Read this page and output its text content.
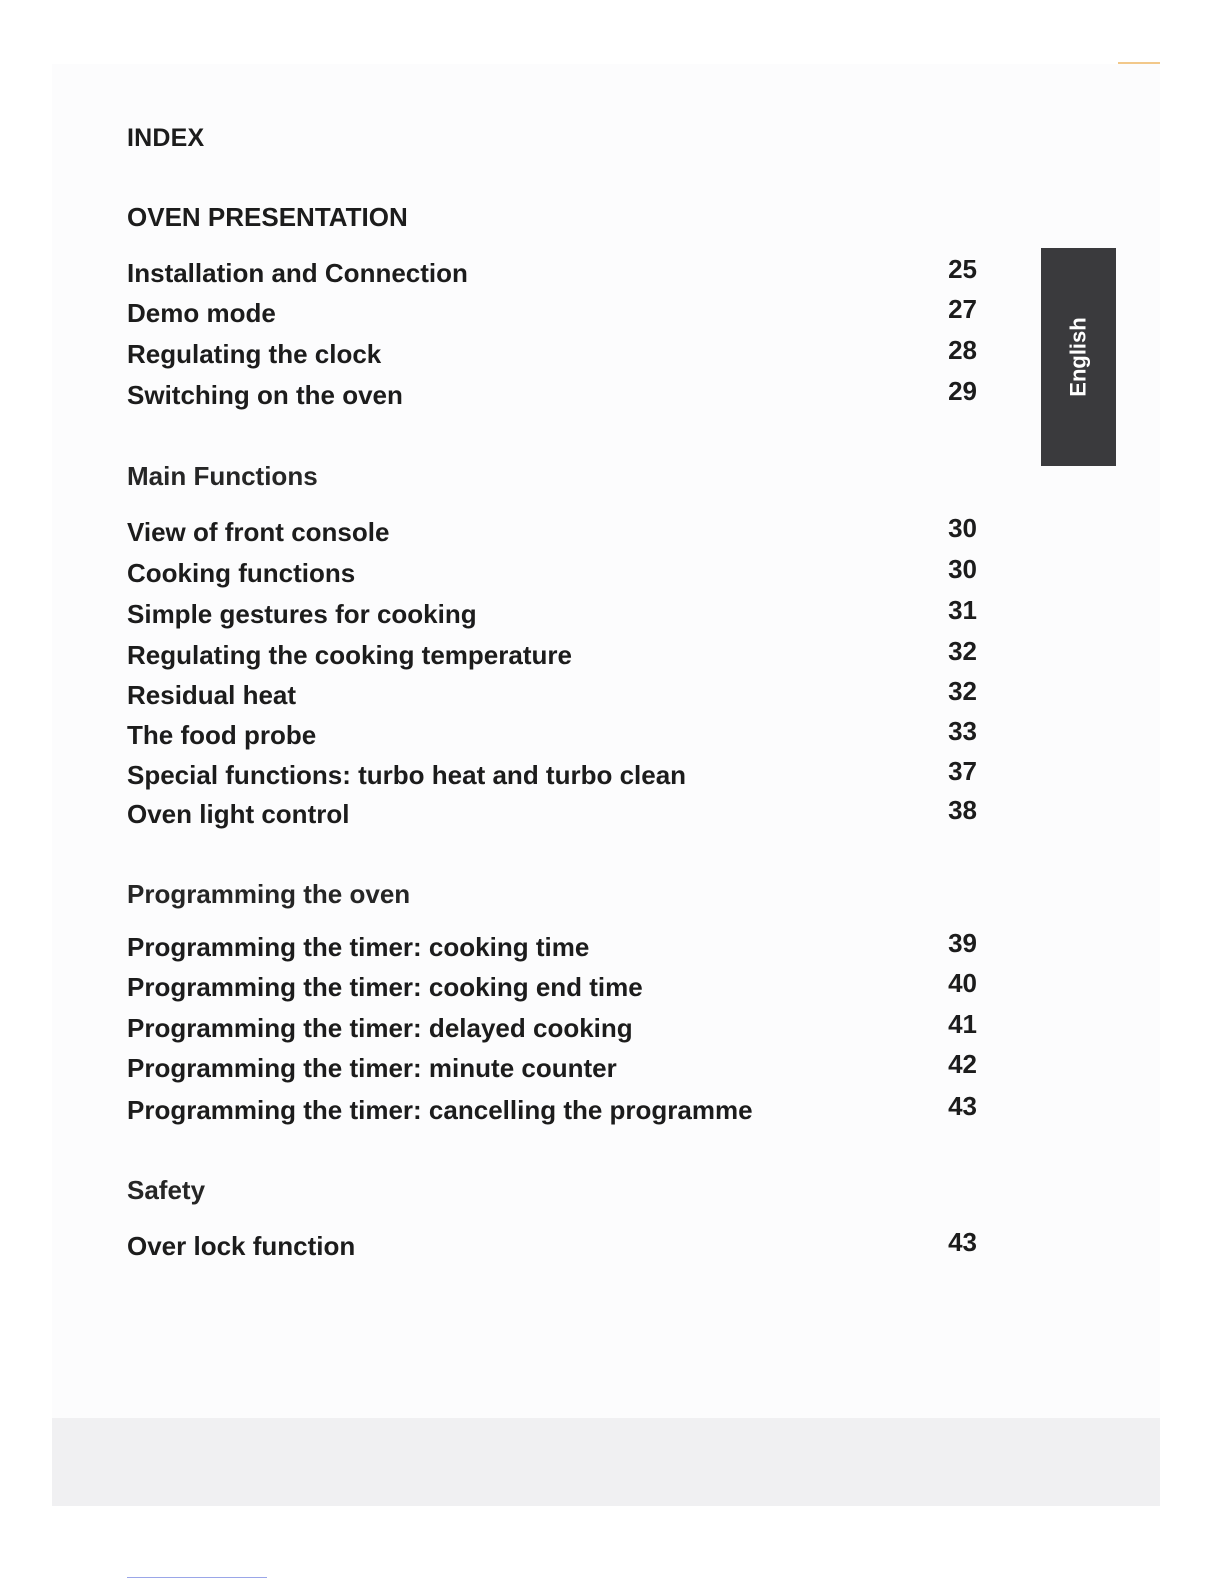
INDEX
OVEN PRESENTATION
Installation and Connection	25
Demo mode	27
Regulating the clock	28
Switching on the oven	29
Main Functions
View of front console	30
Cooking functions	30
Simple gestures for cooking	31
Regulating the cooking temperature	32
Residual heat	32
The food probe	33
Special functions: turbo heat and turbo clean	37
Oven light control	38
Programming the oven
Programming the timer: cooking time	39
Programming the timer: cooking end time	40
Programming the timer: delayed cooking	41
Programming the timer: minute counter	42
Programming the timer: cancelling the programme	43
Safety
Over lock function	43
English
